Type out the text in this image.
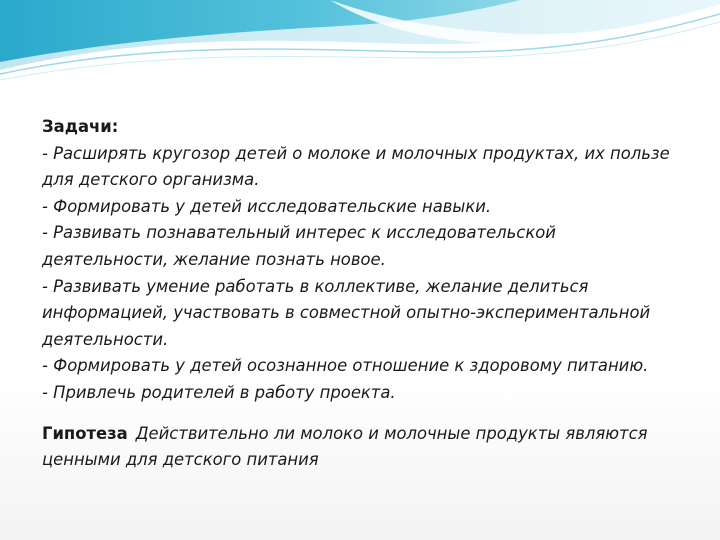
Задачи:
- Расширять кругозор детей о молоке и молочных продуктах, их пользе для детского организма.
- Формировать у детей исследовательские навыки.
- Развивать познавательный интерес к исследовательской деятельности, желание познать новое.
- Развивать умение работать в коллективе, желание делиться информацией, участвовать в совместной опытно-экспериментальной деятельности.
- Формировать у детей осознанное отношение к здоровому питанию.
- Привлечь родителей в работу проекта.
Гипотеза Действительно ли молоко и молочные продукты являются ценными для детского питания
